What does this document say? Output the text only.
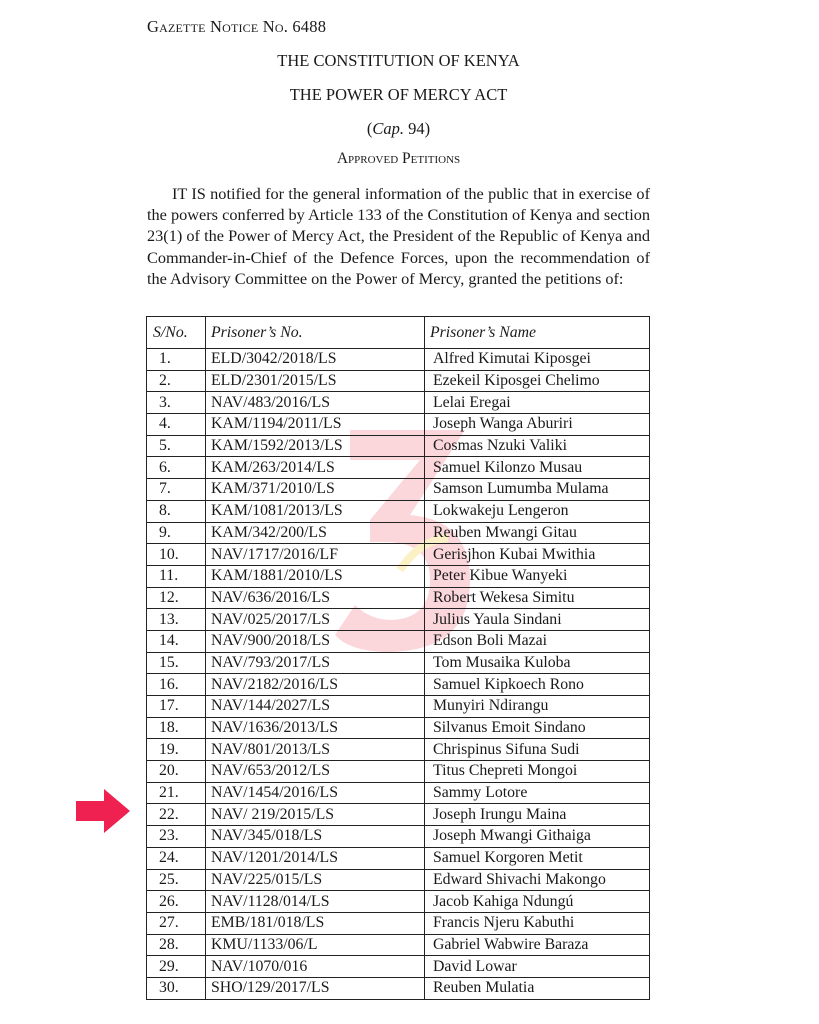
Gazette Notice No. 6488
THE CONSTITUTION OF KENYA
THE POWER OF MERCY ACT
(Cap. 94)
Approved Petitions

IT IS notified for the general information of the public that in exercise of the powers conferred by Article 133 of the Constitution of Kenya and section 23(1) of the Power of Mercy Act, the President of the Republic of Kenya and Commander-in-Chief of the Defence Forces, upon the recommendation of the Advisory Committee on the Power of Mercy, granted the petitions of:

S/No.	Prisoner’s No.	Prisoner’s Name
1.	ELD/3042/2018/LS	Alfred Kimutai Kiposgei
2.	ELD/2301/2015/LS	Ezekeil Kiposgei Chelimo
3.	NAV/483/2016/LS	Lelai Eregai
4.	KAM/1194/2011/LS	Joseph Wanga Aburiri
5.	KAM/1592/2013/LS	Cosmas Nzuki Valiki
6.	KAM/263/2014/LS	Samuel Kilonzo Musau
7.	KAM/371/2010/LS	Samson Lumumba Mulama
8.	KAM/1081/2013/LS	Lokwakeju Lengeron
9.	KAM/342/200/LS	Reuben Mwangi Gitau
10.	NAV/1717/2016/LF	Gerisjhon Kubai Mwithia
11.	KAM/1881/2010/LS	Peter Kibue Wanyeki
12.	NAV/636/2016/LS	Robert Wekesa Simitu
13.	NAV/025/2017/LS	Julius Yaula Sindani
14.	NAV/900/2018/LS	Edson Boli Mazai
15.	NAV/793/2017/LS	Tom Musaika Kuloba
16.	NAV/2182/2016/LS	Samuel Kipkoech Rono
17.	NAV/144/2027/LS	Munyiri Ndirangu
18.	NAV/1636/2013/LS	Silvanus Emoit Sindano
19.	NAV/801/2013/LS	Chrispinus Sifuna Sudi
20.	NAV/653/2012/LS	Titus Chepreti Mongoi
21.	NAV/1454/2016/LS	Sammy Lotore
22.	NAV/ 219/2015/LS	Joseph Irungu Maina
23.	NAV/345/018/LS	Joseph Mwangi Githaiga
24.	NAV/1201/2014/LS	Samuel Korgoren Metit
25.	NAV/225/015/LS	Edward Shivachi Makongo
26.	NAV/1128/014/LS	Jacob Kahiga Ndungú
27.	EMB/181/018/LS	Francis Njeru Kabuthi
28.	KMU/1133/06/L	Gabriel Wabwire Baraza
29.	NAV/1070/016	David Lowar
30.	SHO/129/2017/LS	Reuben Mulatia
